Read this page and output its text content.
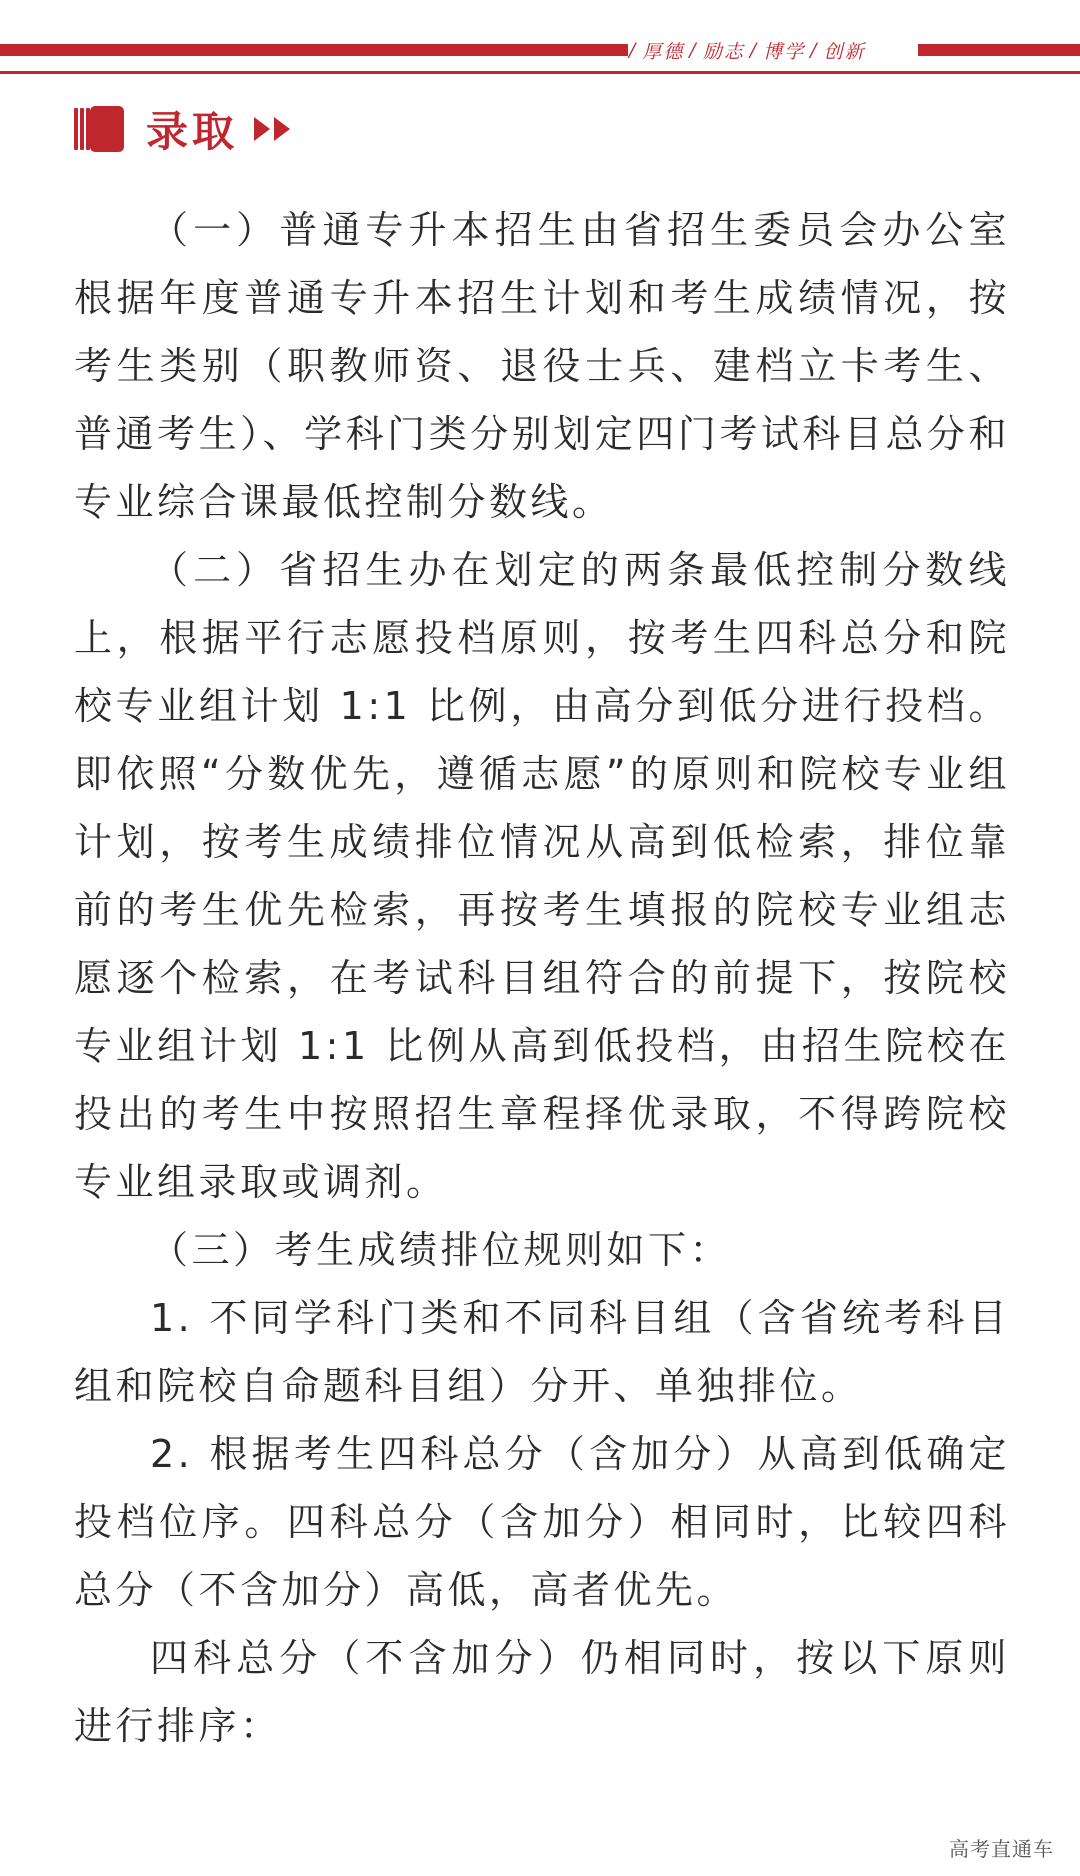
/ 厚德 / 励志 / 博学 / 创新
录取

（一）普通专升本招生由省招生委员会办公室根据年度普通专升本招生计划和考生成绩情况，按考生类别（职教师资、退役士兵、建档立卡考生、普通考生）、学科门类分别划定四门考试科目总分和专业综合课最低控制分数线。

（二）省招生办在划定的两条最低控制分数线上，根据平行志愿投档原则，按考生四科总分和院校专业组计划 1:1 比例，由高分到低分进行投档。即依照“分数优先，遵循志愿”的原则和院校专业组计划，按考生成绩排位情况从高到低检索，排位靠前的考生优先检索，再按考生填报的院校专业组志愿逐个检索，在考试科目组符合的前提下，按院校专业组计划 1:1 比例从高到低投档，由招生院校在投出的考生中按照招生章程择优录取，不得跨院校专业组录取或调剂。

（三）考生成绩排位规则如下：

1. 不同学科门类和不同科目组（含省统考科目组和院校自命题科目组）分开、单独排位。

2. 根据考生四科总分（含加分）从高到低确定投档位序。四科总分（含加分）相同时，比较四科总分（不含加分）高低，高者优先。

四科总分（不含加分）仍相同时，按以下原则进行排序：

高考直通车
